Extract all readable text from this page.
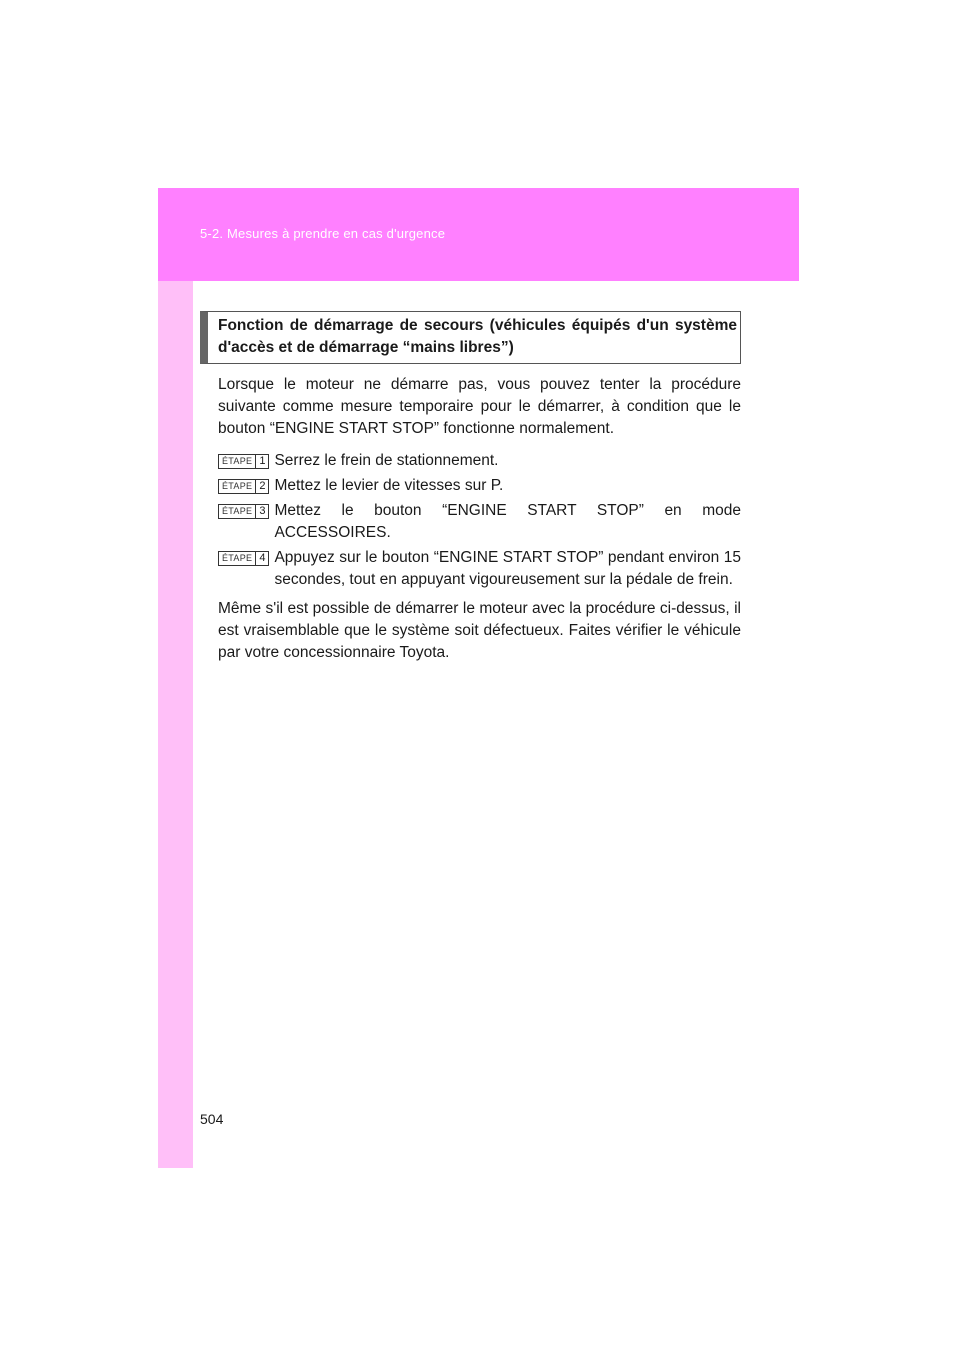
5-2. Mesures à prendre en cas d'urgence
Fonction de démarrage de secours (véhicules équipés d'un système d'accès et de démarrage “mains libres”)
Lorsque le moteur ne démarre pas, vous pouvez tenter la procédure suivante comme mesure temporaire pour le démarrer, à condition que le bouton “ENGINE START STOP” fonctionne normalement.
ÉTAPE 1 Serrez le frein de stationnement.
ÉTAPE 2 Mettez le levier de vitesses sur P.
ÉTAPE 3 Mettez le bouton “ENGINE START STOP” en mode ACCESSOIRES.
ÉTAPE 4 Appuyez sur le bouton “ENGINE START STOP” pendant environ 15 secondes, tout en appuyant vigoureusement sur la pédale de frein.
Même s'il est possible de démarrer le moteur avec la procédure ci-dessus, il est vraisemblable que le système soit défectueux. Faites vérifier le véhicule par votre concessionnaire Toyota.
504
